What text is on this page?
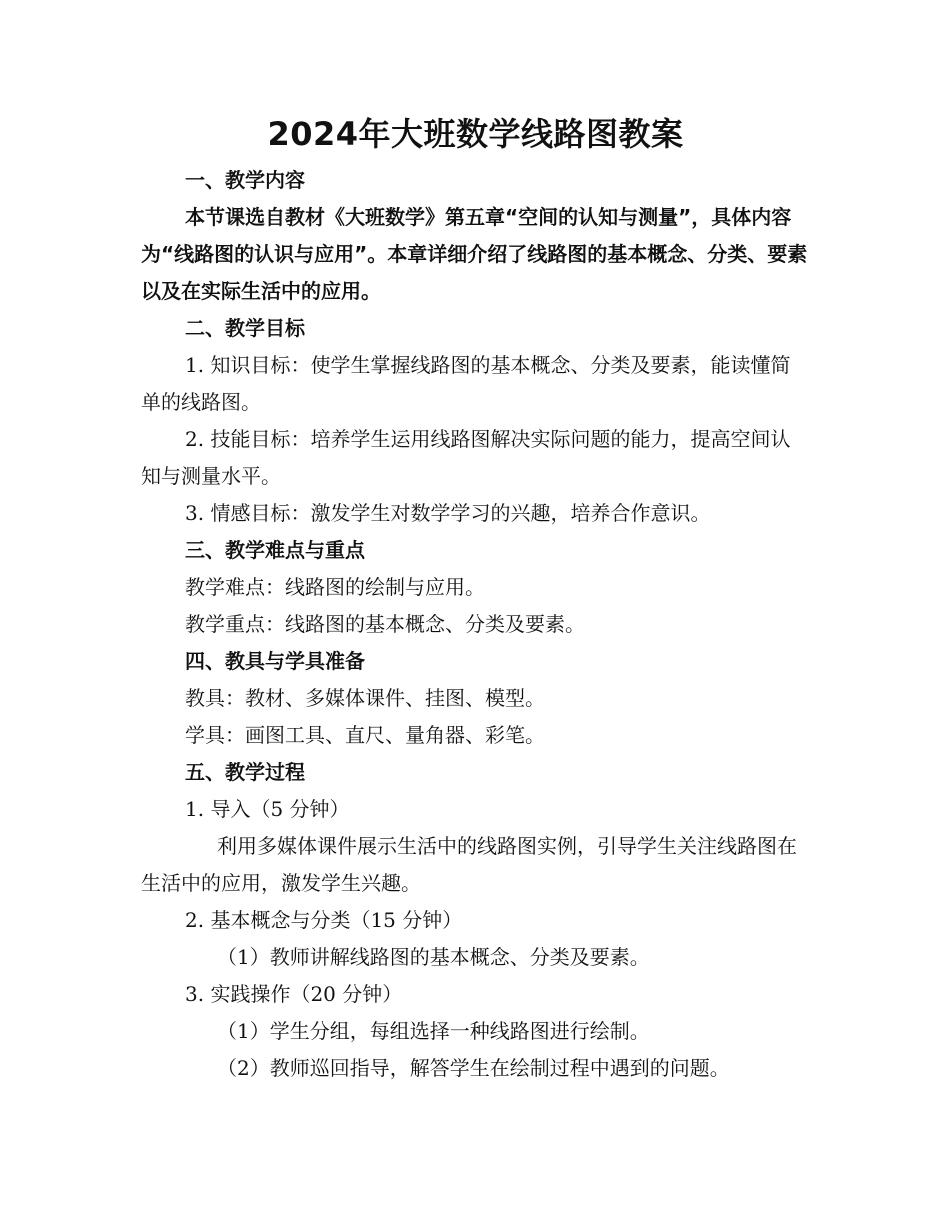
2024年大班数学线路图教案

一、教学内容

本节课选自教材《大班数学》第五章“空间的认知与测量”，具体内容为“线路图的认识与应用”。本章详细介绍了线路图的基本概念、分类、要素以及在实际生活中的应用。

二、教学目标

1. 知识目标：使学生掌握线路图的基本概念、分类及要素，能读懂简单的线路图。

2. 技能目标：培养学生运用线路图解决实际问题的能力，提高空间认知与测量水平。

3. 情感目标：激发学生对数学学习的兴趣，培养合作意识。

三、教学难点与重点

教学难点：线路图的绘制与应用。

教学重点：线路图的基本概念、分类及要素。

四、教具与学具准备

教具：教材、多媒体课件、挂图、模型。

学具：画图工具、直尺、量角器、彩笔。

五、教学过程

1. 导入（5 分钟）

利用多媒体课件展示生活中的线路图实例，引导学生关注线路图在生活中的应用，激发学生兴趣。

2. 基本概念与分类（15 分钟）

（1）教师讲解线路图的基本概念、分类及要素。

3. 实践操作（20 分钟）

（1）学生分组，每组选择一种线路图进行绘制。

（2）教师巡回指导，解答学生在绘制过程中遇到的问题。
